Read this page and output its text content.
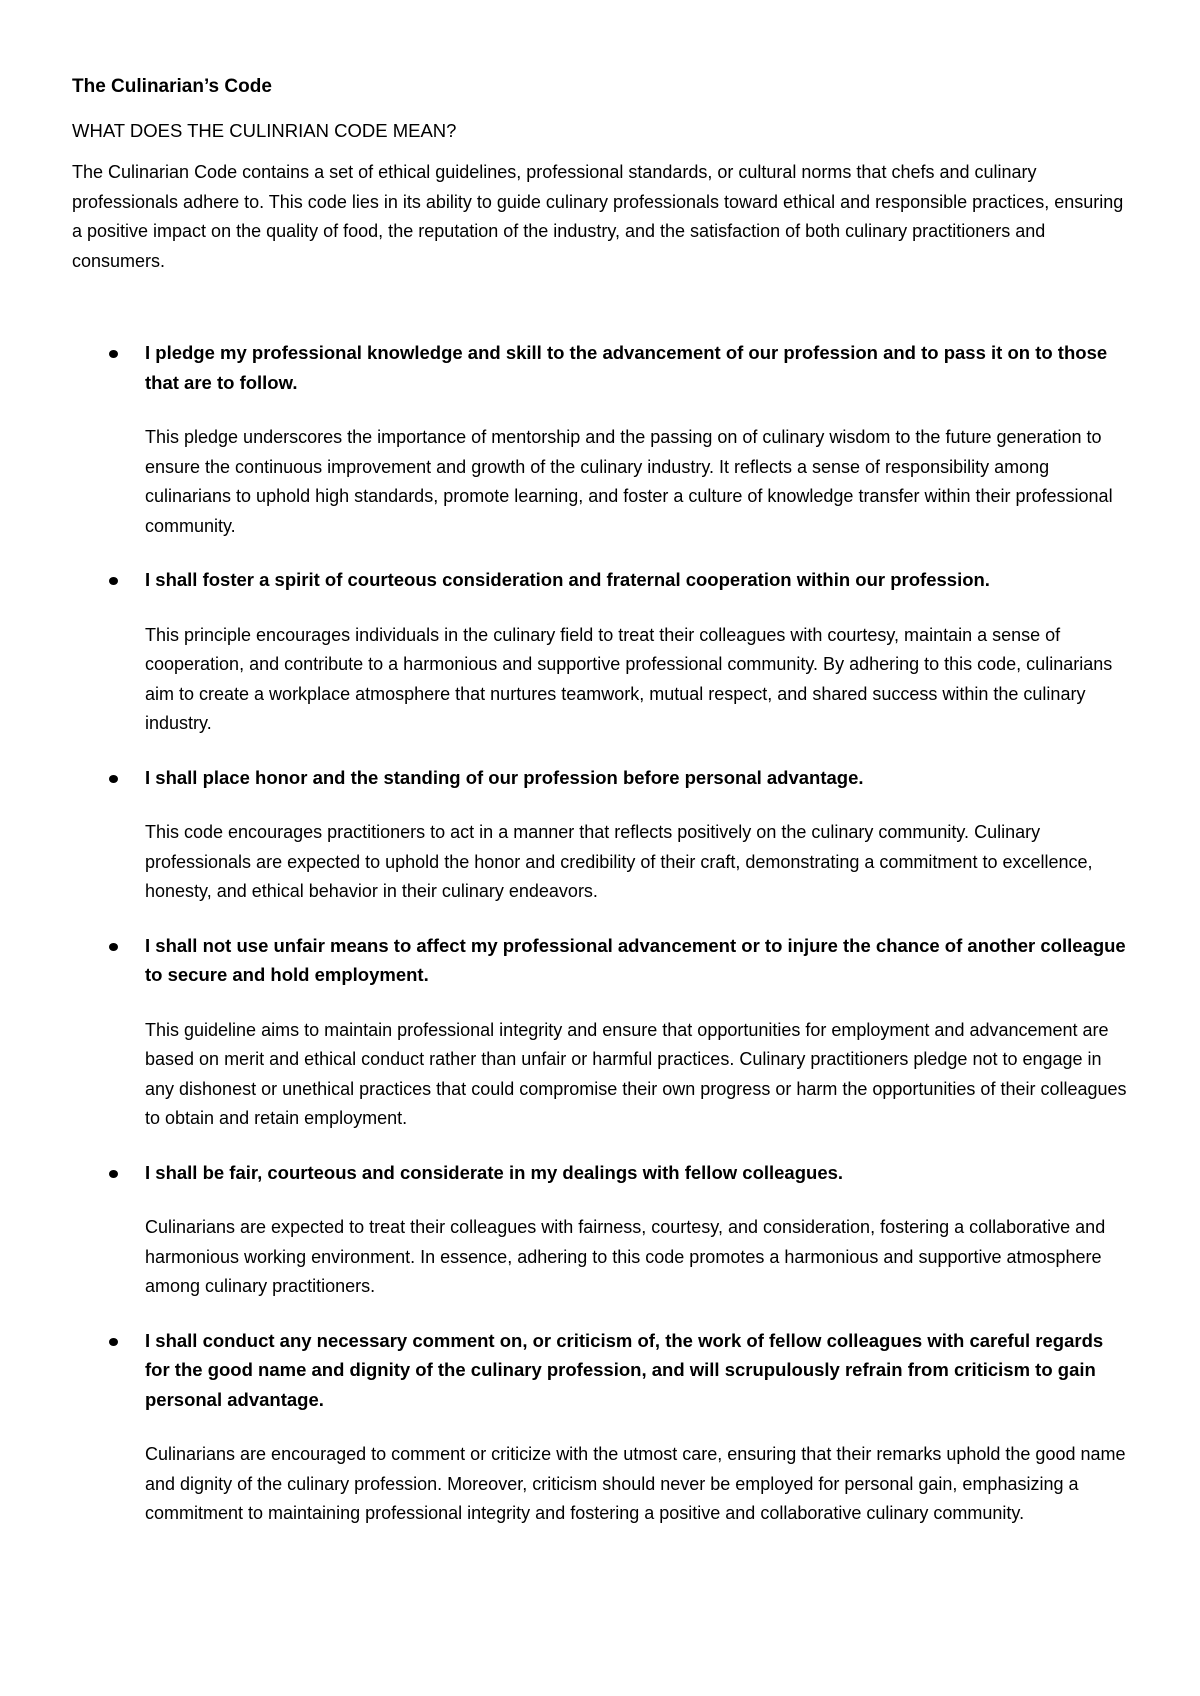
The Culinarian’s Code
WHAT DOES THE CULINRIAN CODE MEAN?

The Culinarian Code contains a set of ethical guidelines, professional standards, or cultural norms that chefs and culinary professionals adhere to. This code lies in its ability to guide culinary professionals toward ethical and responsible practices, ensuring a positive impact on the quality of food, the reputation of the industry, and the satisfaction of both culinary practitioners and consumers.

I pledge my professional knowledge and skill to the advancement of our profession and to pass it on to those that are to follow.

This pledge underscores the importance of mentorship and the passing on of culinary wisdom to the future generation to ensure the continuous improvement and growth of the culinary industry. It reflects a sense of responsibility among culinarians to uphold high standards, promote learning, and foster a culture of knowledge transfer within their professional community.

I shall foster a spirit of courteous consideration and fraternal cooperation within our profession.

This principle encourages individuals in the culinary field to treat their colleagues with courtesy, maintain a sense of cooperation, and contribute to a harmonious and supportive professional community. By adhering to this code, culinarians aim to create a workplace atmosphere that nurtures teamwork, mutual respect, and shared success within the culinary industry.

I shall place honor and the standing of our profession before personal advantage.

This code encourages practitioners to act in a manner that reflects positively on the culinary community. Culinary professionals are expected to uphold the honor and credibility of their craft, demonstrating a commitment to excellence, honesty, and ethical behavior in their culinary endeavors.

I shall not use unfair means to affect my professional advancement or to injure the chance of another colleague to secure and hold employment.

This guideline aims to maintain professional integrity and ensure that opportunities for employment and advancement are based on merit and ethical conduct rather than unfair or harmful practices. Culinary practitioners pledge not to engage in any dishonest or unethical practices that could compromise their own progress or harm the opportunities of their colleagues to obtain and retain employment.

I shall be fair, courteous and considerate in my dealings with fellow colleagues.

Culinarians are expected to treat their colleagues with fairness, courtesy, and consideration, fostering a collaborative and harmonious working environment. In essence, adhering to this code promotes a harmonious and supportive atmosphere among culinary practitioners.

I shall conduct any necessary comment on, or criticism of, the work of fellow colleagues with careful regards for the good name and dignity of the culinary profession, and will scrupulously refrain from criticism to gain personal advantage.

Culinarians are encouraged to comment or criticize with the utmost care, ensuring that their remarks uphold the good name and dignity of the culinary profession. Moreover, criticism should never be employed for personal gain, emphasizing a commitment to maintaining professional integrity and fostering a positive and collaborative culinary community.
